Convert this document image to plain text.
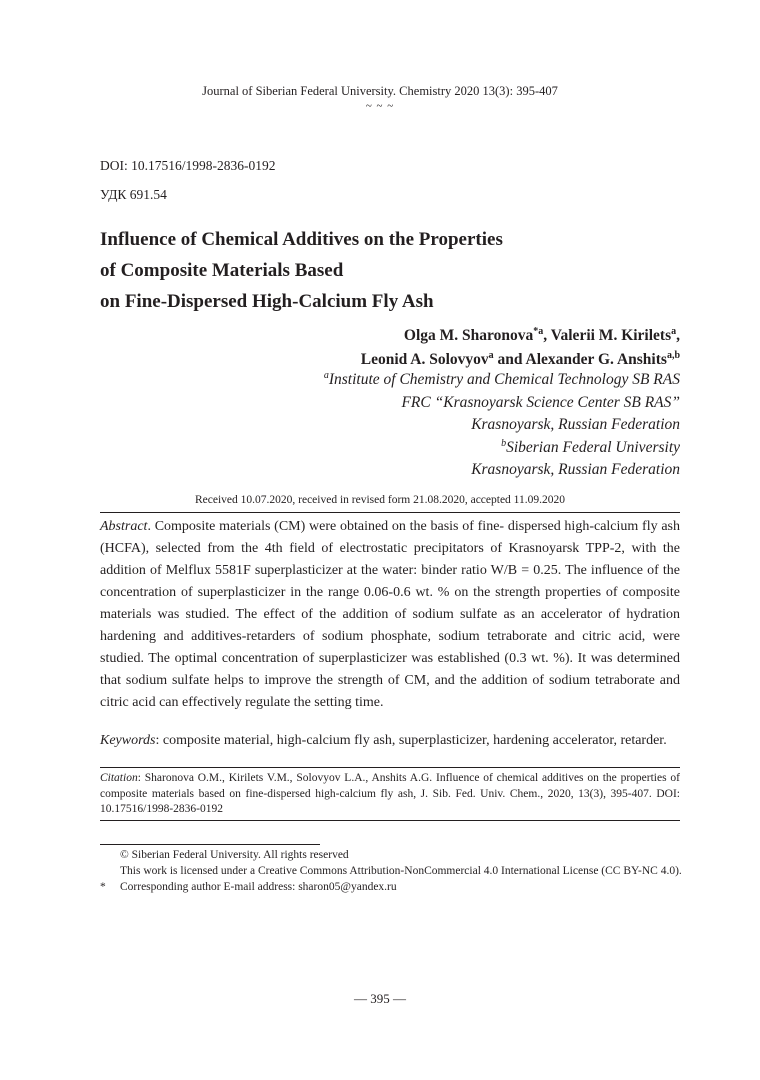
Journal of Siberian Federal University. Chemistry 2020 13(3): 395-407
~ ~ ~
DOI: 10.17516/1998-2836-0192
УДК 691.54
Influence of Chemical Additives on the Properties
of Composite Materials Based
on Fine-Dispersed High-Calcium Fly Ash
Olga M. Sharonova$^{*a}$, Valerii M. Kirilets$^a$,
Leonid A. Solovyov$^a$ and Alexander G. Anshits$^{a,b}$
$^a$Institute of Chemistry and Chemical Technology SB RAS
FRC “Krasnoyarsk Science Center SB RAS”
Krasnoyarsk, Russian Federation
$^b$Siberian Federal University
Krasnoyarsk, Russian Federation
Received 10.07.2020, received in revised form 21.08.2020, accepted 11.09.2020
Abstract. Composite materials (CM) were obtained on the basis of fine- dispersed high-calcium fly ash (HCFA), selected from the 4th field of electrostatic precipitators of Krasnoyarsk TPP-2, with the addition of Melflux 5581F superplasticizer at the water: binder ratio W/B = 0.25. The influence of the concentration of superplasticizer in the range 0.06-0.6 wt. % on the strength properties of composite materials was studied. The effect of the addition of sodium sulfate as an accelerator of hydration hardening and additives-retarders of sodium phosphate, sodium tetraborate and citric acid, were studied. The optimal concentration of superplasticizer was established (0.3 wt. %). It was determined that sodium sulfate helps to improve the strength of CM, and the addition of sodium tetraborate and citric acid can effectively regulate the setting time.
Keywords: composite material, high-calcium fly ash, superplasticizer, hardening accelerator, retarder.
Citation: Sharonova O.M., Kirilets V.M., Solovyov L.A., Anshits A.G. Influence of chemical additives on the properties of composite materials based on fine-dispersed high-calcium fly ash, J. Sib. Fed. Univ. Chem., 2020, 13(3), 395-407. DOI: 10.17516/1998-2836-0192
© Siberian Federal University. All rights reserved
This work is licensed under a Creative Commons Attribution-NonCommercial 4.0 International License (CC BY-NC 4.0).
* Corresponding author E-mail address: sharon05@yandex.ru
— 395 —
